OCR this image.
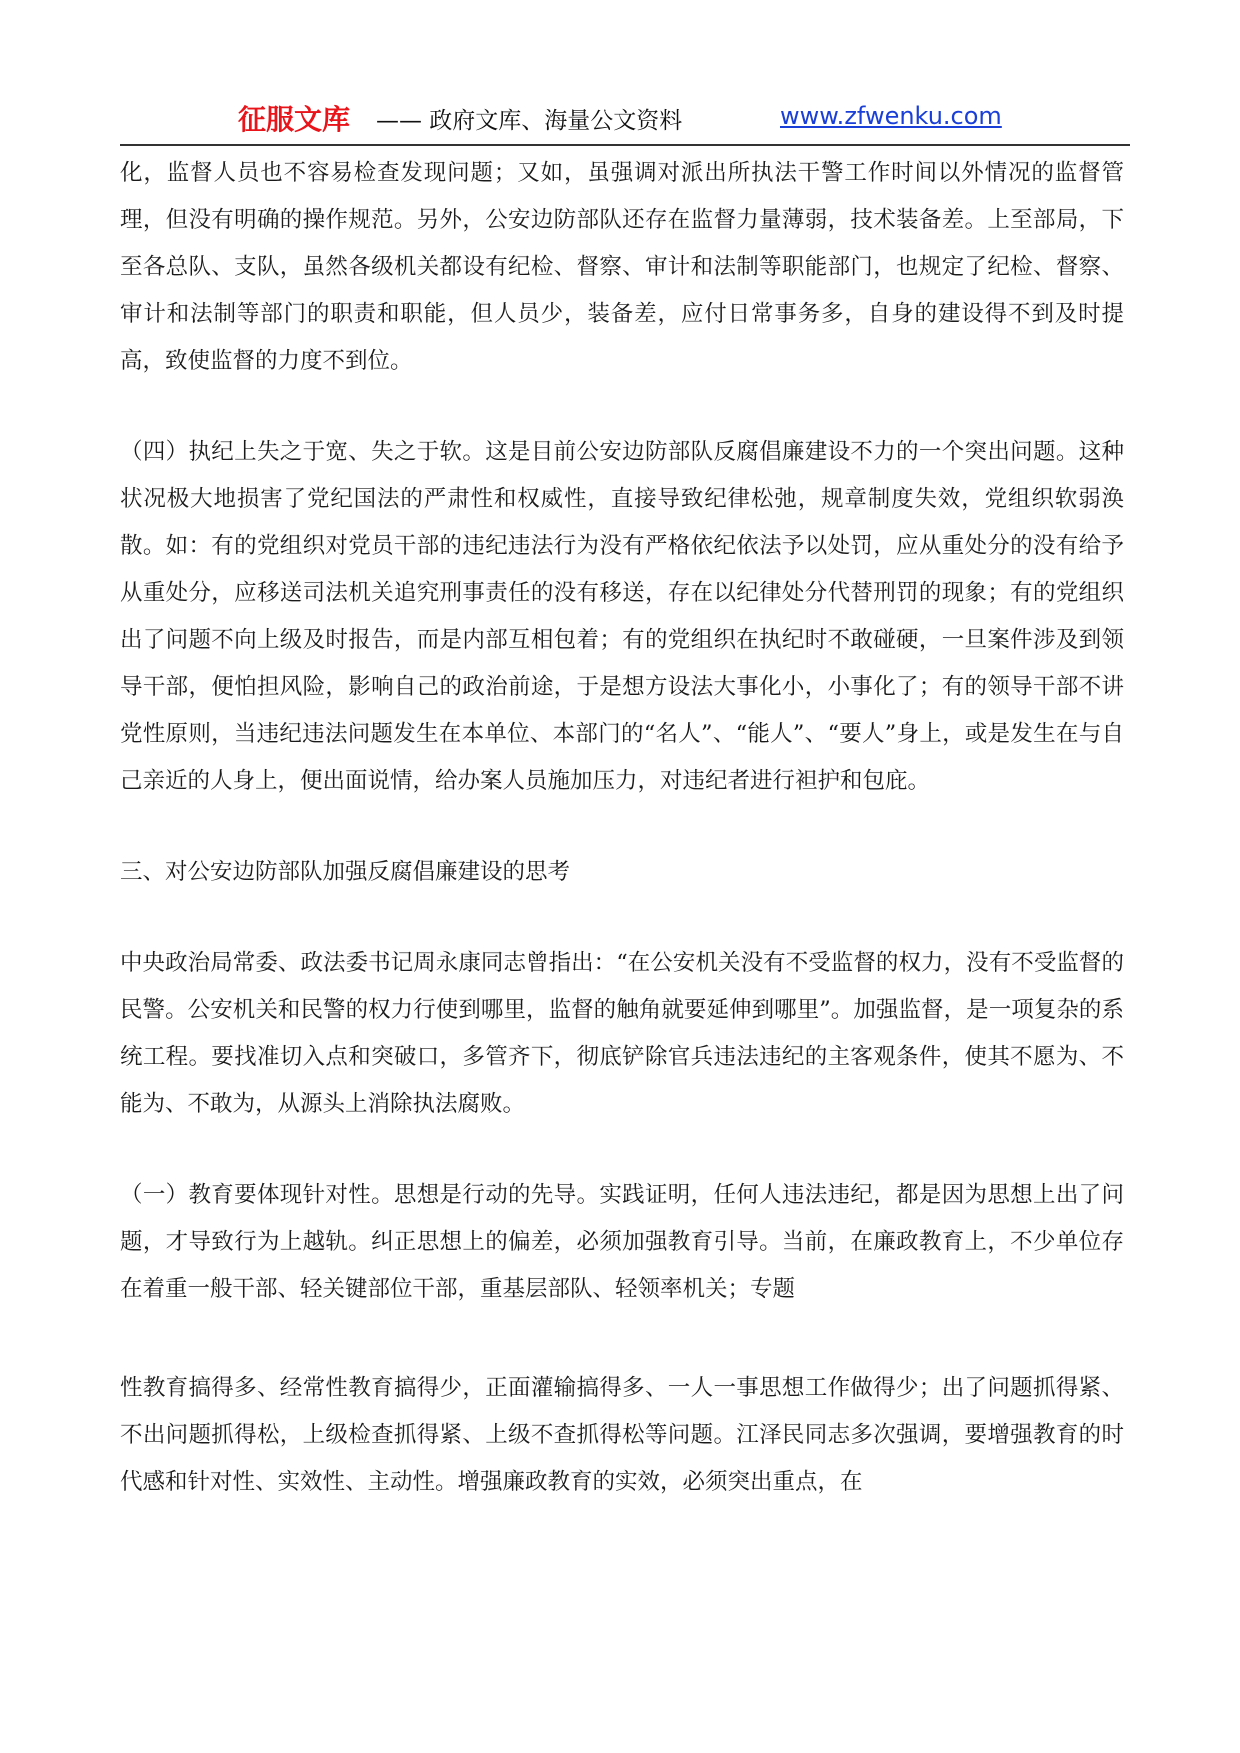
征服文库 —— 政府文库、海量公文资料	www.zfwenku.com

化，监督人员也不容易检查发现问题；又如，虽强调对派出所执法干警工作时间以外情况的监督管理，但没有明确的操作规范。另外，公安边防部队还存在监督力量薄弱，技术装备差。上至部局，下至各总队、支队，虽然各级机关都设有纪检、督察、审计和法制等职能部门，也规定了纪检、督察、审计和法制等部门的职责和职能，但人员少，装备差，应付日常事务多，自身的建设得不到及时提高，致使监督的力度不到位。

（四）执纪上失之于宽、失之于软。这是目前公安边防部队反腐倡廉建设不力的一个突出问题。这种状况极大地损害了党纪国法的严肃性和权威性，直接导致纪律松弛，规章制度失效，党组织软弱涣散。如：有的党组织对党员干部的违纪违法行为没有严格依纪依法予以处罚，应从重处分的没有给予从重处分，应移送司法机关追究刑事责任的没有移送，存在以纪律处分代替刑罚的现象；有的党组织出了问题不向上级及时报告，而是内部互相包着；有的党组织在执纪时不敢碰硬，一旦案件涉及到领导干部，便怕担风险，影响自己的政治前途，于是想方设法大事化小，小事化了；有的领导干部不讲党性原则，当违纪违法问题发生在本单位、本部门的“名人”、“能人”、“要人”身上，或是发生在与自己亲近的人身上，便出面说情，给办案人员施加压力，对违纪者进行袒护和包庇。

三、对公安边防部队加强反腐倡廉建设的思考

中央政治局常委、政法委书记周永康同志曾指出：“在公安机关没有不受监督的权力，没有不受监督的民警。公安机关和民警的权力行使到哪里，监督的触角就要延伸到哪里”。加强监督，是一项复杂的系统工程。要找准切入点和突破口，多管齐下，彻底铲除官兵违法违纪的主客观条件，使其不愿为、不能为、不敢为，从源头上消除执法腐败。

（一）教育要体现针对性。思想是行动的先导。实践证明，任何人违法违纪，都是因为思想上出了问题，才导致行为上越轨。纠正思想上的偏差，必须加强教育引导。当前，在廉政教育上，不少单位存在着重一般干部、轻关键部位干部，重基层部队、轻领率机关；专题

性教育搞得多、经常性教育搞得少，正面灌输搞得多、一人一事思想工作做得少；出了问题抓得紧、不出问题抓得松，上级检查抓得紧、上级不查抓得松等问题。江泽民同志多次强调，要增强教育的时代感和针对性、实效性、主动性。增强廉政教育的实效，必须突出重点，在
